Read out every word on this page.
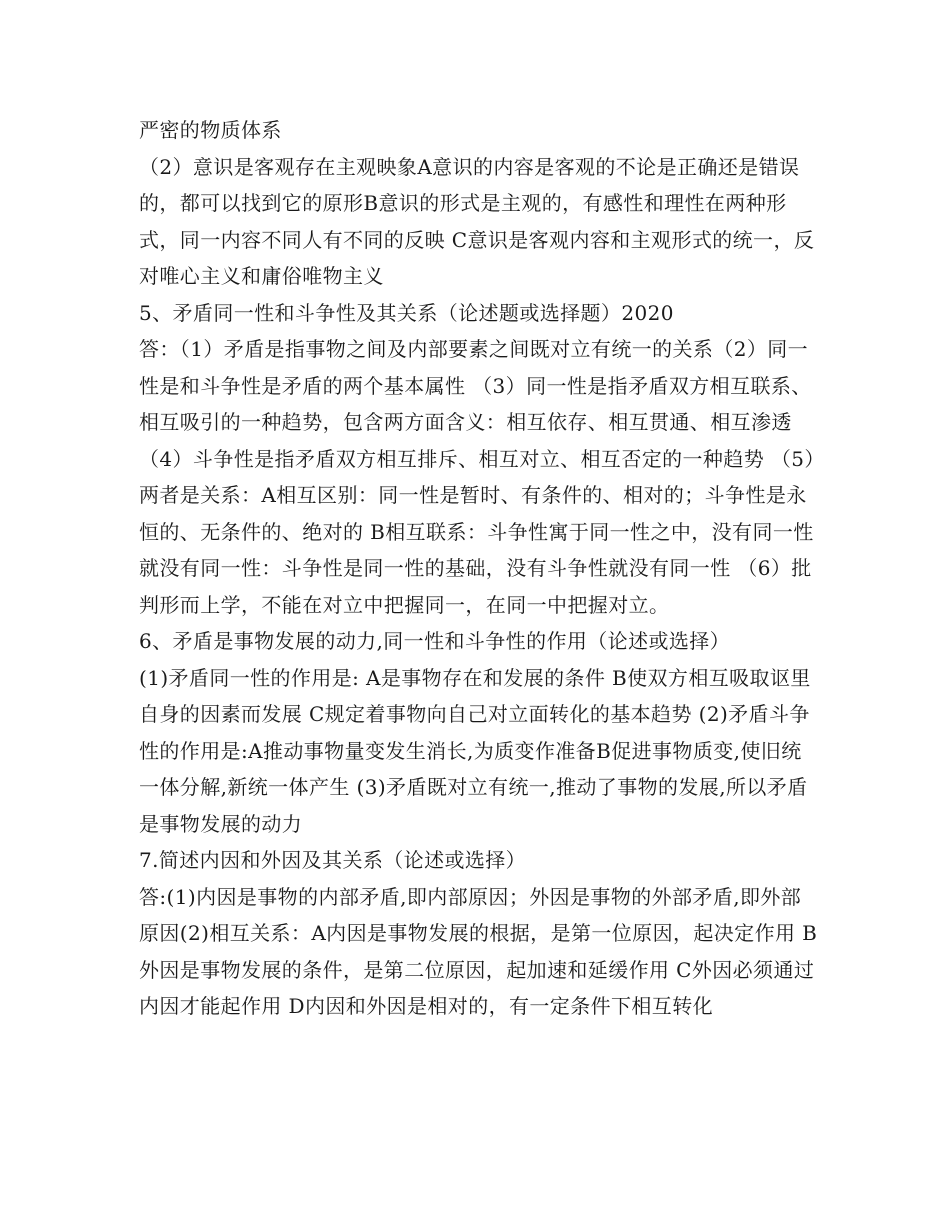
严密的物质体系

（2）意识是客观存在主观映象A意识的内容是客观的不论是正确还是错误的，都可以找到它的原形B意识的形式是主观的，有感性和理性在两种形式，同一内容不同人有不同的反映 C意识是客观内容和主观形式的统一，反对唯心主义和庸俗唯物主义

5、矛盾同一性和斗争性及其关系（论述题或选择题）2020

答：（1）矛盾是指事物之间及内部要素之间既对立有统一的关系（2）同一性是和斗争性是矛盾的两个基本属性 （3）同一性是指矛盾双方相互联系、相互吸引的一种趋势，包含两方面含义：相互依存、相互贯通、相互渗透 （4）斗争性是指矛盾双方相互排斥、相互对立、相互否定的一种趋势 （5）两者是关系：A相互区别：同一性是暂时、有条件的、相对的；斗争性是永恒的、无条件的、绝对的 B相互联系：斗争性寓于同一性之中，没有同一性就没有同一性：斗争性是同一性的基础，没有斗争性就没有同一性 （6）批判形而上学，不能在对立中把握同一，在同一中把握对立。

6、矛盾是事物发展的动力,同一性和斗争性的作用（论述或选择）

(1)矛盾同一性的作用是: A是事物存在和发展的条件 B使双方相互吸取讴里自身的因素而发展 C规定着事物向自己对立面转化的基本趋势 (2)矛盾斗争性的作用是:A推动事物量变发生消长,为质变作准备B促进事物质变,使旧统一体分解,新统一体产生 (3)矛盾既对立有统一,推动了事物的发展,所以矛盾是事物发展的动力

7.简述内因和外因及其关系（论述或选择）

答:(1)内因是事物的内部矛盾,即内部原因；外因是事物的外部矛盾,即外部原因(2)相互关系：A内因是事物发展的根据，是第一位原因，起决定作用 B外因是事物发展的条件，是第二位原因，起加速和延缓作用 C外因必须通过内因才能起作用 D内因和外因是相对的，有一定条件下相互转化
